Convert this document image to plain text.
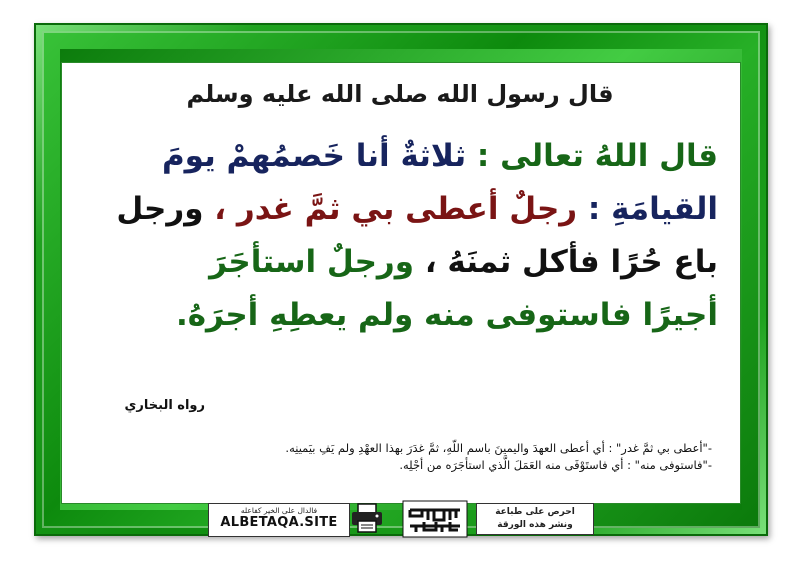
قال رسول الله صلى الله عليه وسلم
قال اللهُ تعالى : ثلاثةٌ أنا خَصمُهمْ يومَ
القيامَةِ : رجلٌ أعطى بي ثمَّ غدر ، ورجل
باع حُرًا فأكل ثمنَهُ ، ورجلٌ استأجَرَ
أجيرًا فاستوفى منه ولم يعطِهِ أجرَهُ.
رواه البخاري
-"أعطى بي ثمَّ غدر" : أي أعطى العهدَ واليمينَ باسم اللّهِ، ثمَّ غدَرَ بهذا العهْدِ ولم يَفِ بيَمينِه.
-"فاستوفى منه" : أي فاستَوْفَى منه العَمَلَ الَّذي استأجَرَه من أجْلِه.
فالدال على الخير كفاعله
ALBETAQA.SITE
احرص على طباعة
ونشر هذه الورقة
